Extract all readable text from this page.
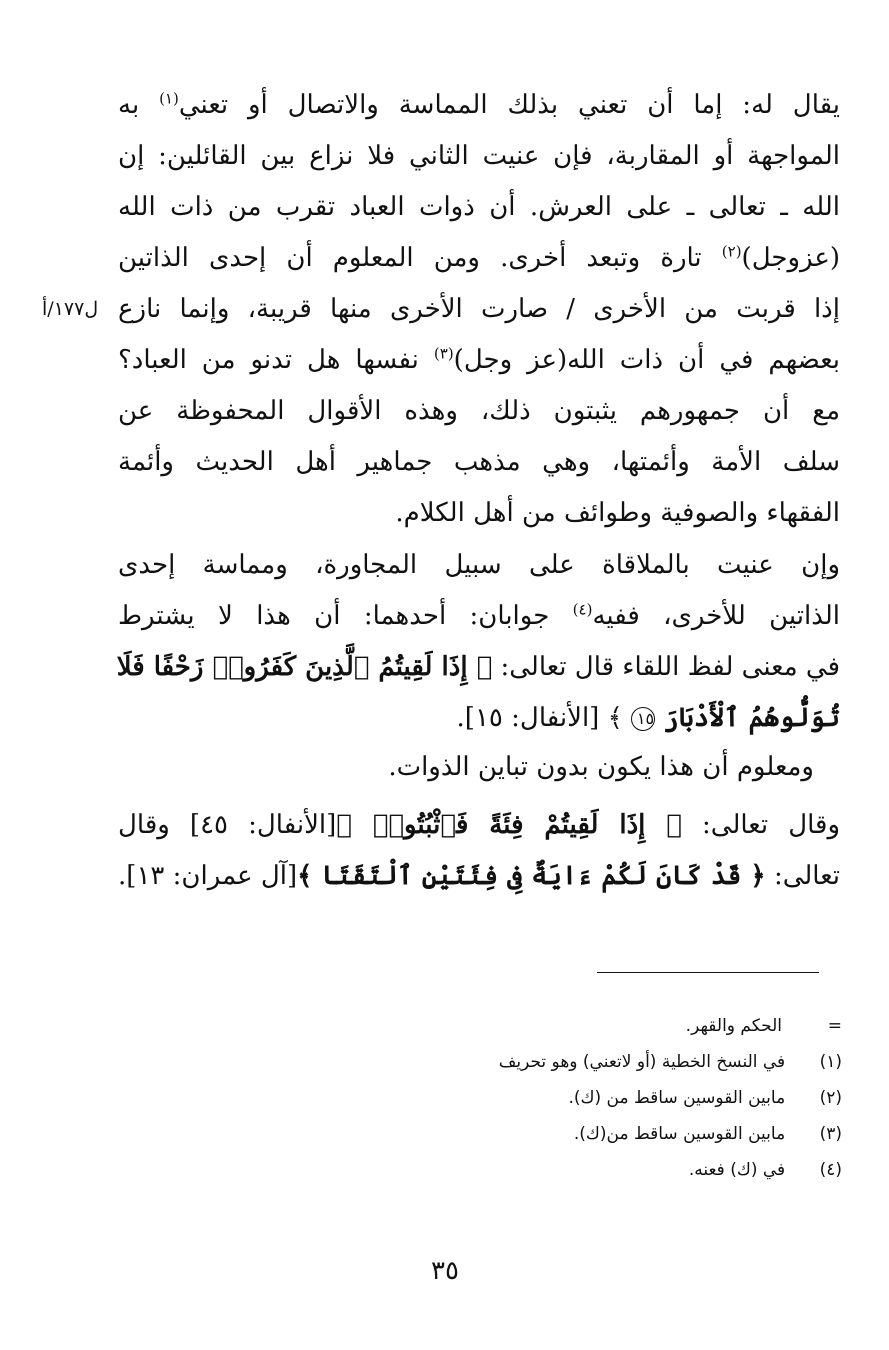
يقال له: إما أن تعني بذلك المماسة والاتصال أو تعني$^{(١)}$ به
المواجهة أو المقاربة، فإن عنيت الثاني فلا نزاع بين القائلين: إن
الله ـ تعالى ـ على العرش. أن ذوات العباد تقرب من ذات الله
(عزوجل)$^{(٢)}$ تارة وتبعد أخرى. ومن المعلوم أن إحدى الذاتين
إذا قربت من الأخرى / صارت الأخرى منها قريبة، وإنما نازع
بعضهم في أن ذات الله(عز وجل)$^{(٣)}$ نفسها هل تدنو من العباد؟
مع أن جمهورهم يثبتون ذلك، وهذه الأقوال المحفوظة عن
سلف الأمة وأئمتها، وهي مذهب جماهير أهل الحديث وأئمة
الفقهاء والصوفية وطوائف من أهل الكلام.
ل١٧٧/أ
وإن عنيت بالملاقاة على سبيل المجاورة، ومماسة إحدى
الذاتين للأخرى، ففيه$^{(٤)}$ جوابان: أحدهما: أن هذا لا يشترط
في معنى لفظ اللقاء قال تعالى: ﴿ إِذَا لَقِيتُمُ ٱلَّذِينَ كَفَرُوا۟ زَحْفًا فَلَا
تُوَلُّوهُمُ ٱلْأَدْبَارَ ١٥ ﴾ [الأنفال: ١٥].
ومعلوم أن هذا يكون بدون تباين الذوات.
وقال تعالى: ﴿ إِذَا لَقِيتُمْ فِئَةً فَٱثْبُتُوا۟ ﴾[الأنفال: ٤٥] وقال
تعالى: ﴿ قَدْ كَانَ لَكُمْ ءَايَةٌ فِى فِئَتَيْنِ ٱلْتَقَتَا ﴾[آل عمران: ١٣].
=الحكم والقهر.
(١)  في النسخ الخطية (أو لاتعني) وهو تحريف
(٢)  مابين القوسين ساقط من (ك).
(٣)  مابين القوسين ساقط من(ك).
(٤)  في (ك) فعنه.
٣٥
